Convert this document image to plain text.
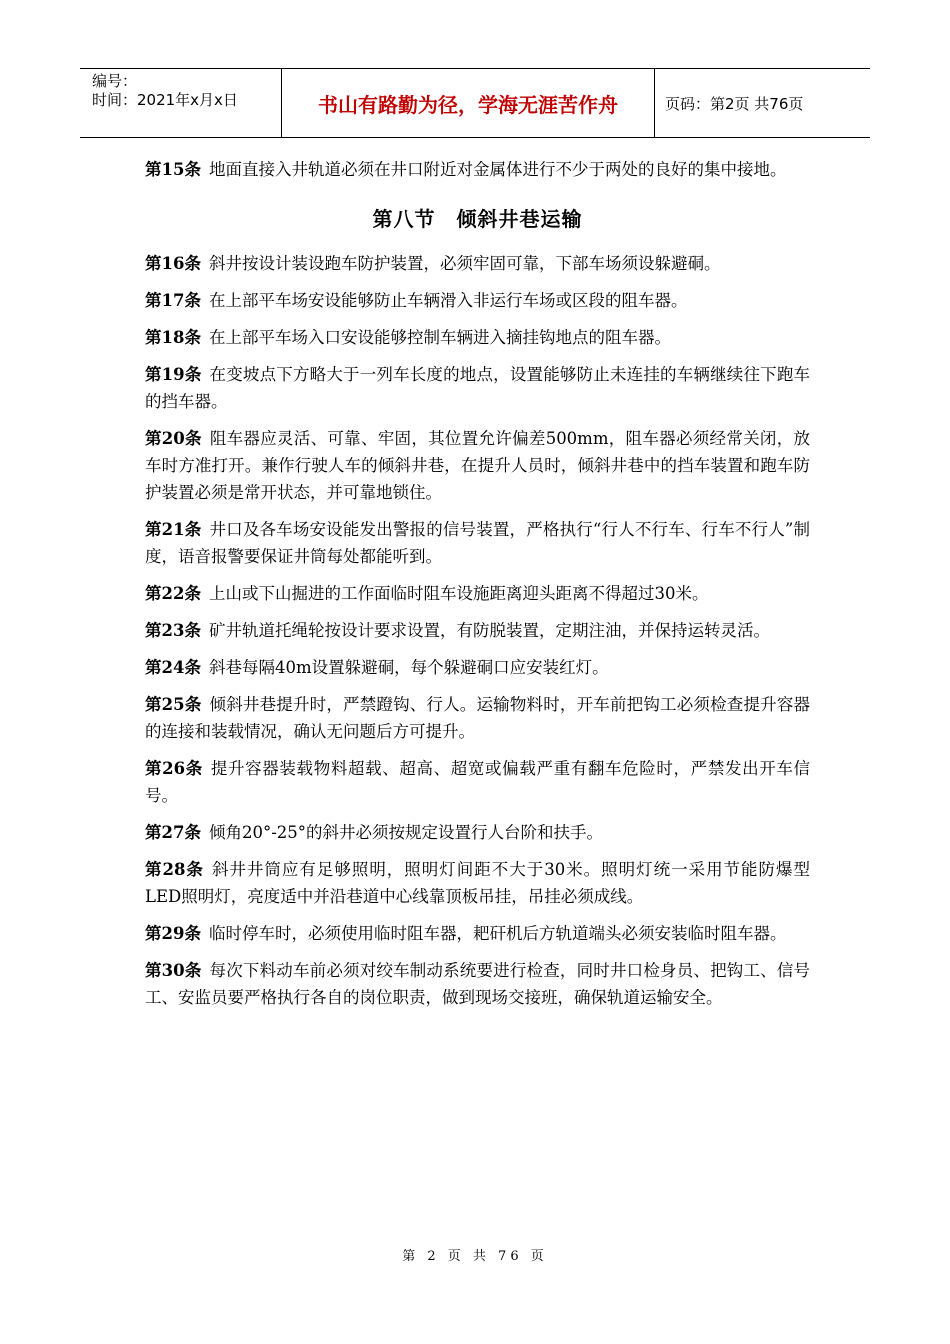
编号：
时间：2021年x月x日	书山有路勤为径，学海无涯苦作舟	页码：第2页 共76页

第15条 地面直接入井轨道必须在井口附近对金属体进行不少于两处的良好的集中接地。

第八节　倾斜井巷运输

第16条 斜井按设计装设跑车防护装置，必须牢固可靠，下部车场须设躲避硐。

第17条 在上部平车场安设能够防止车辆滑入非运行车场或区段的阻车器。

第18条 在上部平车场入口安设能够控制车辆进入摘挂钩地点的阻车器。

第19条 在变坡点下方略大于一列车长度的地点，设置能够防止未连挂的车辆继续往下跑车的挡车器。

第20条 阻车器应灵活、可靠、牢固，其位置允许偏差500mm，阻车器必须经常关闭，放车时方准打开。兼作行驶人车的倾斜井巷，在提升人员时，倾斜井巷中的挡车装置和跑车防护装置必须是常开状态，并可靠地锁住。

第21条 井口及各车场安设能发出警报的信号装置，严格执行“行人不行车、行车不行人”制度，语音报警要保证井筒每处都能听到。

第22条 上山或下山掘进的工作面临时阻车设施距离迎头距离不得超过30米。

第23条 矿井轨道托绳轮按设计要求设置，有防脱装置，定期注油，并保持运转灵活。

第24条 斜巷每隔40m设置躲避硐，每个躲避硐口应安装红灯。

第25条 倾斜井巷提升时，严禁蹬钩、行人。运输物料时，开车前把钩工必须检查提升容器的连接和装载情况，确认无问题后方可提升。

第26条 提升容器装载物料超载、超高、超宽或偏载严重有翻车危险时，严禁发出开车信号。

第27条 倾角20°-25°的斜井必须按规定设置行人台阶和扶手。

第28条 斜井井筒应有足够照明，照明灯间距不大于30米。照明灯统一采用节能防爆型LED照明灯，亮度适中并沿巷道中心线靠顶板吊挂，吊挂必须成线。

第29条 临时停车时，必须使用临时阻车器，耙矸机后方轨道端头必须安装临时阻车器。

第30条 每次下料动车前必须对绞车制动系统要进行检查，同时井口检身员、把钩工、信号工、安监员要严格执行各自的岗位职责，做到现场交接班，确保轨道运输安全。

第 2 页 共 76 页
